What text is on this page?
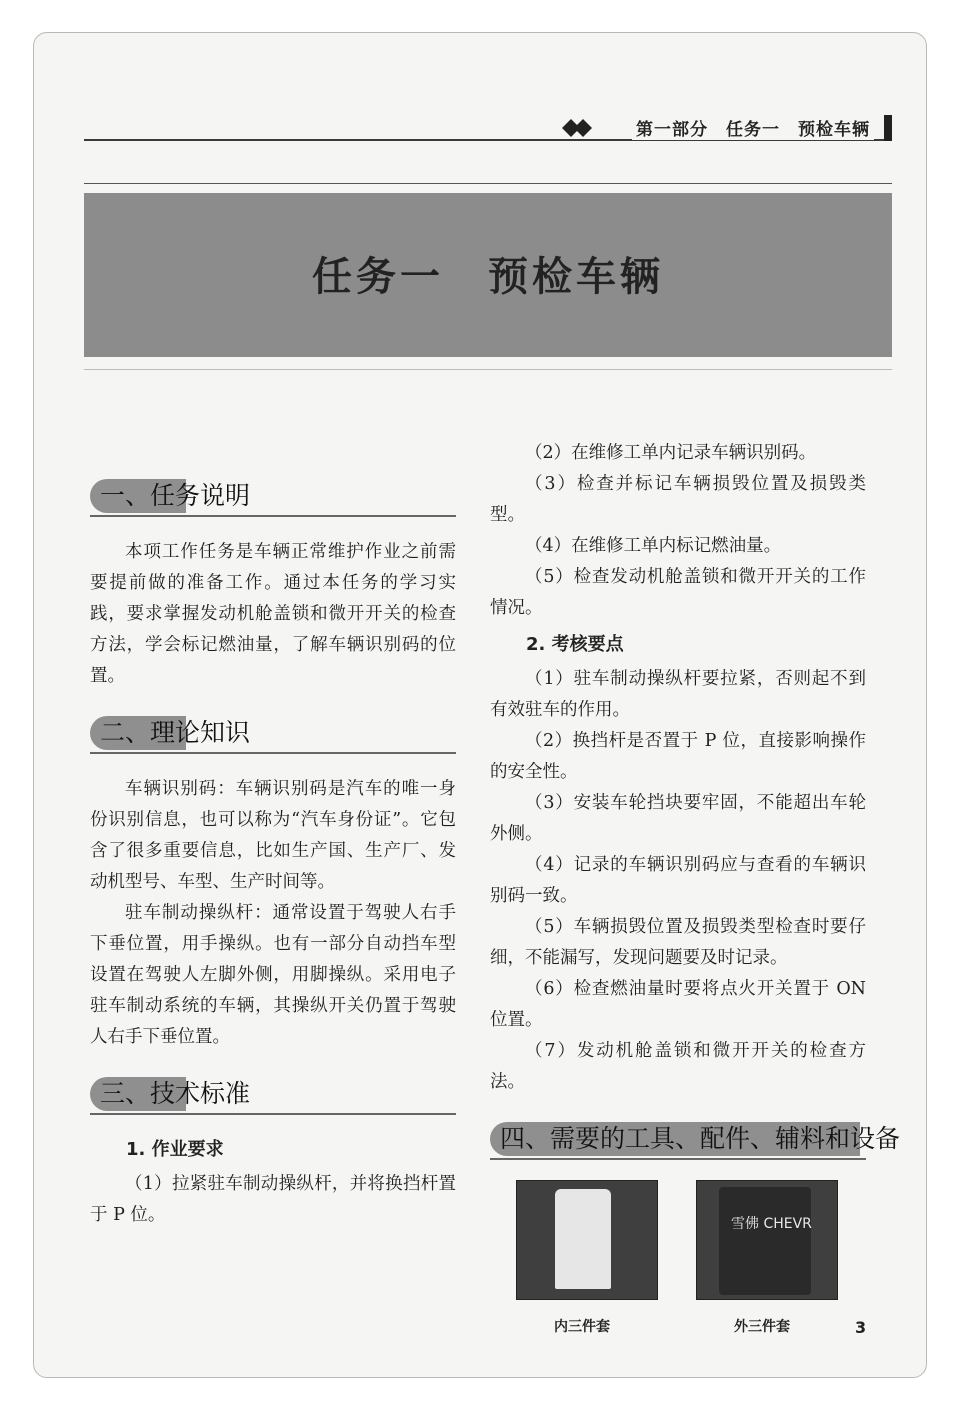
第一部分　任务一　预检车辆
任务一　预检车辆
一、任务说明

本项工作任务是车辆正常维护作业之前需要提前做的准备工作。通过本任务的学习实践，要求掌握发动机舱盖锁和微开开关的检查方法，学会标记燃油量，了解车辆识别码的位置。

二、理论知识

车辆识别码：车辆识别码是汽车的唯一身份识别信息，也可以称为“汽车身份证”。它包含了很多重要信息，比如生产国、生产厂、发动机型号、车型、生产时间等。

驻车制动操纵杆：通常设置于驾驶人右手下垂位置，用手操纵。也有一部分自动挡车型设置在驾驶人左脚外侧，用脚操纵。采用电子驻车制动系统的车辆，其操纵开关仍置于驾驶人右手下垂位置。

三、技术标准
1. 作业要求

（1）拉紧驻车制动操纵杆，并将换挡杆置于 P 位。

（2）在维修工单内记录车辆识别码。

（3）检查并标记车辆损毁位置及损毁类型。

（4）在维修工单内标记燃油量。

（5）检查发动机舱盖锁和微开开关的工作情况。

2. 考核要点

（1）驻车制动操纵杆要拉紧，否则起不到有效驻车的作用。

（2）换挡杆是否置于 P 位，直接影响操作的安全性。

（3）安装车轮挡块要牢固，不能超出车轮外侧。

（4）记录的车辆识别码应与查看的车辆识别码一致。

（5）车辆损毁位置及损毁类型检查时要仔细，不能漏写，发现问题要及时记录。

（6）检查燃油量时要将点火开关置于 ON 位置。

（7）发动机舱盖锁和微开开关的检查方法。

四、需要的工具、配件、辅料和设备
雪佛 CHEVR
内三件套	外三件套	3
